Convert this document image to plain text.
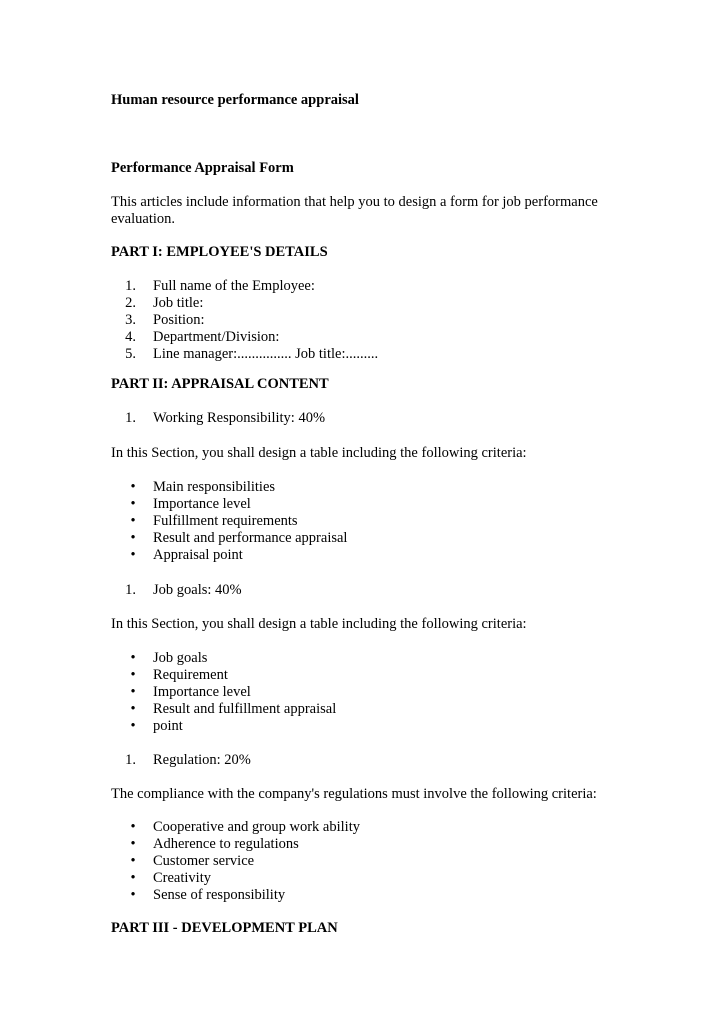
Human resource performance appraisal
Performance Appraisal Form
This articles include information that help you to design a form for job performance evaluation.
PART I: EMPLOYEE'S DETAILS
1. Full name of the Employee:
2. Job title:
3. Position:
4. Department/Division:
5. Line manager:............... Job title:.........
PART II: APPRAISAL CONTENT
1. Working Responsibility: 40%
In this Section, you shall design a table including the following criteria:
• Main responsibilities
• Importance level
• Fulfillment requirements
• Result and performance appraisal
• Appraisal point
1. Job goals: 40%
In this Section, you shall design a table including the following criteria:
• Job goals
• Requirement
• Importance level
• Result and fulfillment appraisal
• point
1. Regulation: 20%
The compliance with the company's regulations must involve the following criteria:
• Cooperative and group work ability
• Adherence to regulations
• Customer service
• Creativity
• Sense of responsibility
PART III - DEVELOPMENT PLAN
